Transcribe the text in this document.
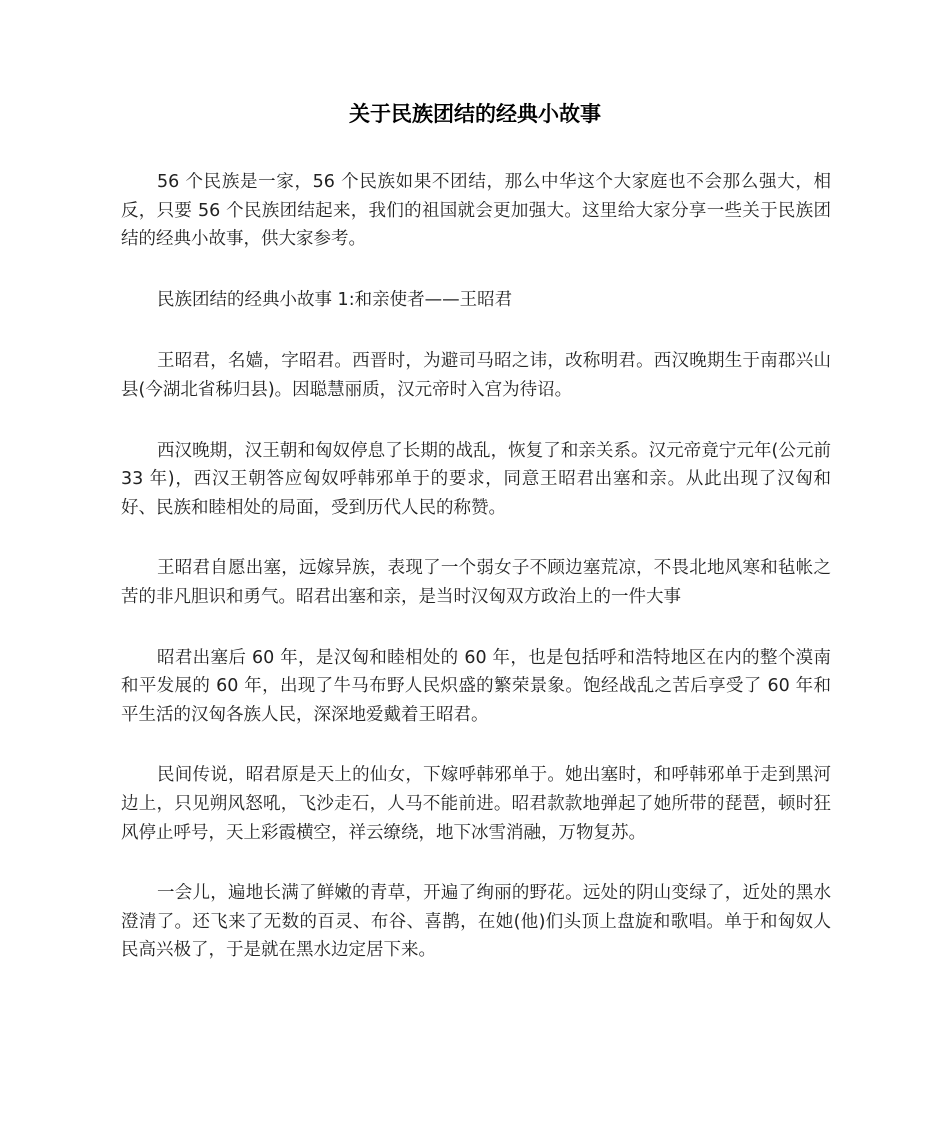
关于民族团结的经典小故事

56 个民族是一家，56 个民族如果不团结，那么中华这个大家庭也不会那么强大，相反，只要 56 个民族团结起来，我们的祖国就会更加强大。这里给大家分享一些关于民族团结的经典小故事，供大家参考。

民族团结的经典小故事 1:和亲使者——王昭君

王昭君，名嫱，字昭君。西晋时，为避司马昭之讳，改称明君。西汉晚期生于南郡兴山县(今湖北省秭归县)。因聪慧丽质，汉元帝时入宫为待诏。

西汉晚期，汉王朝和匈奴停息了长期的战乱，恢复了和亲关系。汉元帝竟宁元年(公元前 33 年)，西汉王朝答应匈奴呼韩邪单于的要求，同意王昭君出塞和亲。从此出现了汉匈和好、民族和睦相处的局面，受到历代人民的称赞。

王昭君自愿出塞，远嫁异族，表现了一个弱女子不顾边塞荒凉，不畏北地风寒和毡帐之苦的非凡胆识和勇气。昭君出塞和亲，是当时汉匈双方政治上的一件大事

昭君出塞后 60 年，是汉匈和睦相处的 60 年，也是包括呼和浩特地区在内的整个漠南和平发展的 60 年，出现了牛马布野人民炽盛的繁荣景象。饱经战乱之苦后享受了 60 年和平生活的汉匈各族人民，深深地爱戴着王昭君。

民间传说，昭君原是天上的仙女，下嫁呼韩邪单于。她出塞时，和呼韩邪单于走到黑河边上，只见朔风怒吼，飞沙走石，人马不能前进。昭君款款地弹起了她所带的琵琶，顿时狂风停止呼号，天上彩霞横空，祥云缭绕，地下冰雪消融，万物复苏。

一会儿，遍地长满了鲜嫩的青草，开遍了绚丽的野花。远处的阴山变绿了，近处的黑水澄清了。还飞来了无数的百灵、布谷、喜鹊，在她(他)们头顶上盘旋和歌唱。单于和匈奴人民高兴极了，于是就在黑水边定居下来。
